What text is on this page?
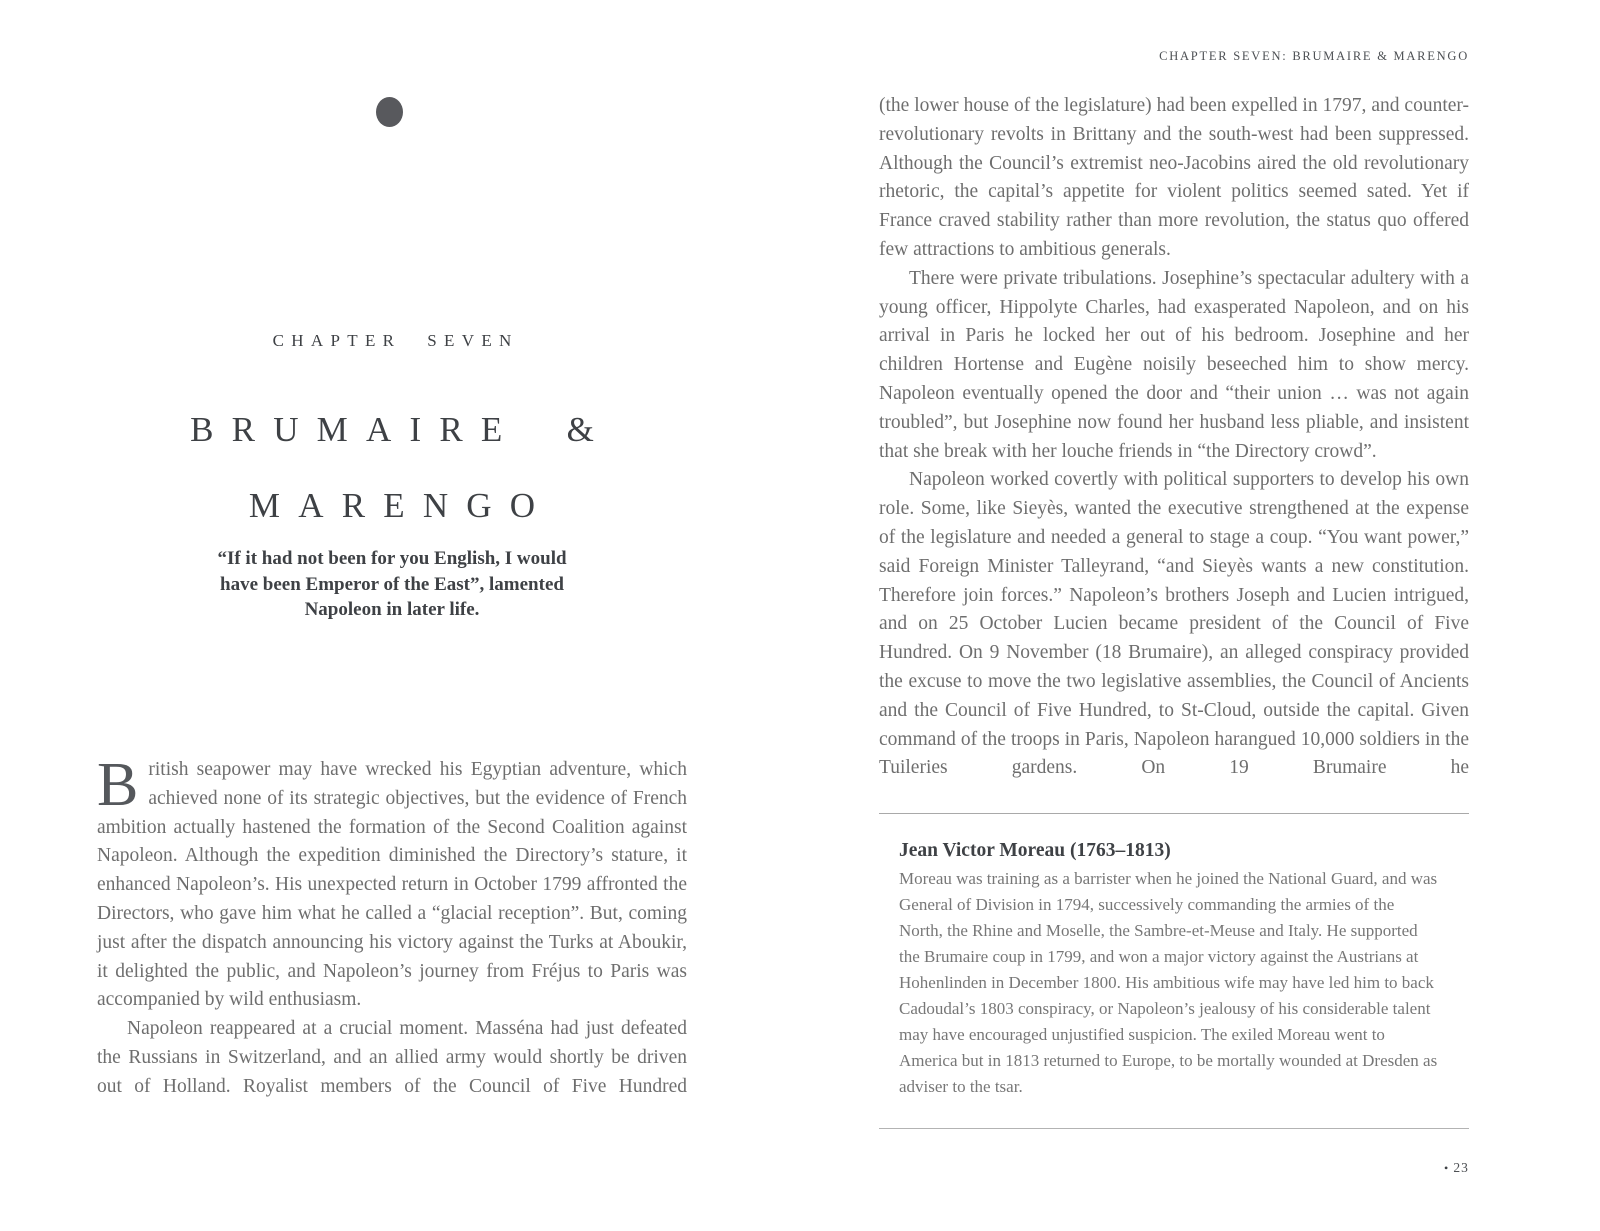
CHAPTER SEVEN
BRUMAIRE &
MARENGO
“If it had not been for you English, I would
have been Emperor of the East”, lamented
Napoleon in later life.

British seapower may have wrecked his Egyptian adventure, which achieved none of its strategic objectives, but the evidence of French ambition actually hastened the formation of the Second Coalition against Napoleon. Although the expedition diminished the Directory’s stature, it enhanced Napoleon’s. His unexpected return in October 1799 affronted the Directors, who gave him what he called a “glacial reception”. But, coming just after the dispatch announcing his victory against the Turks at Aboukir, it delighted the public, and Napoleon’s journey from Fréjus to Paris was accompanied by wild enthusiasm.

Napoleon reappeared at a crucial moment. Masséna had just defeated the Russians in Switzerland, and an allied army would shortly be driven out of Holland. Royalist members of the Council of Five Hundred

CHAPTER SEVEN: BRUMAIRE & MARENGO

(the lower house of the legislature) had been expelled in 1797, and counter-revolutionary revolts in Brittany and the south-west had been suppressed. Although the Council’s extremist neo-Jacobins aired the old revolutionary rhetoric, the capital’s appetite for violent politics seemed sated. Yet if France craved stability rather than more revolution, the status quo offered few attractions to ambitious generals.

There were private tribulations. Josephine’s spectacular adultery with a young officer, Hippolyte Charles, had exasperated Napoleon, and on his arrival in Paris he locked her out of his bedroom. Josephine and her children Hortense and Eugène noisily beseeched him to show mercy. Napoleon eventually opened the door and “their union … was not again troubled”, but Josephine now found her husband less pliable, and insistent that she break with her louche friends in “the Directory crowd”.

Napoleon worked covertly with political supporters to develop his own role. Some, like Sieyès, wanted the executive strengthened at the expense of the legislature and needed a general to stage a coup. “You want power,” said Foreign Minister Talleyrand, “and Sieyès wants a new constitution. Therefore join forces.” Napoleon’s brothers Joseph and Lucien intrigued, and on 25 October Lucien became president of the Council of Five Hundred. On 9 November (18 Brumaire), an alleged conspiracy provided the excuse to move the two legislative assemblies, the Council of Ancients and the Council of Five Hundred, to St-Cloud, outside the capital. Given command of the troops in Paris, Napoleon harangued 10,000 soldiers in the Tuileries gardens. On 19 Brumaire he

Jean Victor Moreau (1763–1813)

Moreau was training as a barrister when he joined the National Guard, and was General of Division in 1794, successively commanding the armies of the North, the Rhine and Moselle, the Sambre-et-Meuse and Italy. He supported the Brumaire coup in 1799, and won a major victory against the Austrians at Hohenlinden in December 1800. His ambitious wife may have led him to back Cadoudal’s 1803 conspiracy, or Napoleon’s jealousy of his considerable talent may have encouraged unjustified suspicion. The exiled Moreau went to America but in 1813 returned to Europe, to be mortally wounded at Dresden as adviser to the tsar.

• 23
